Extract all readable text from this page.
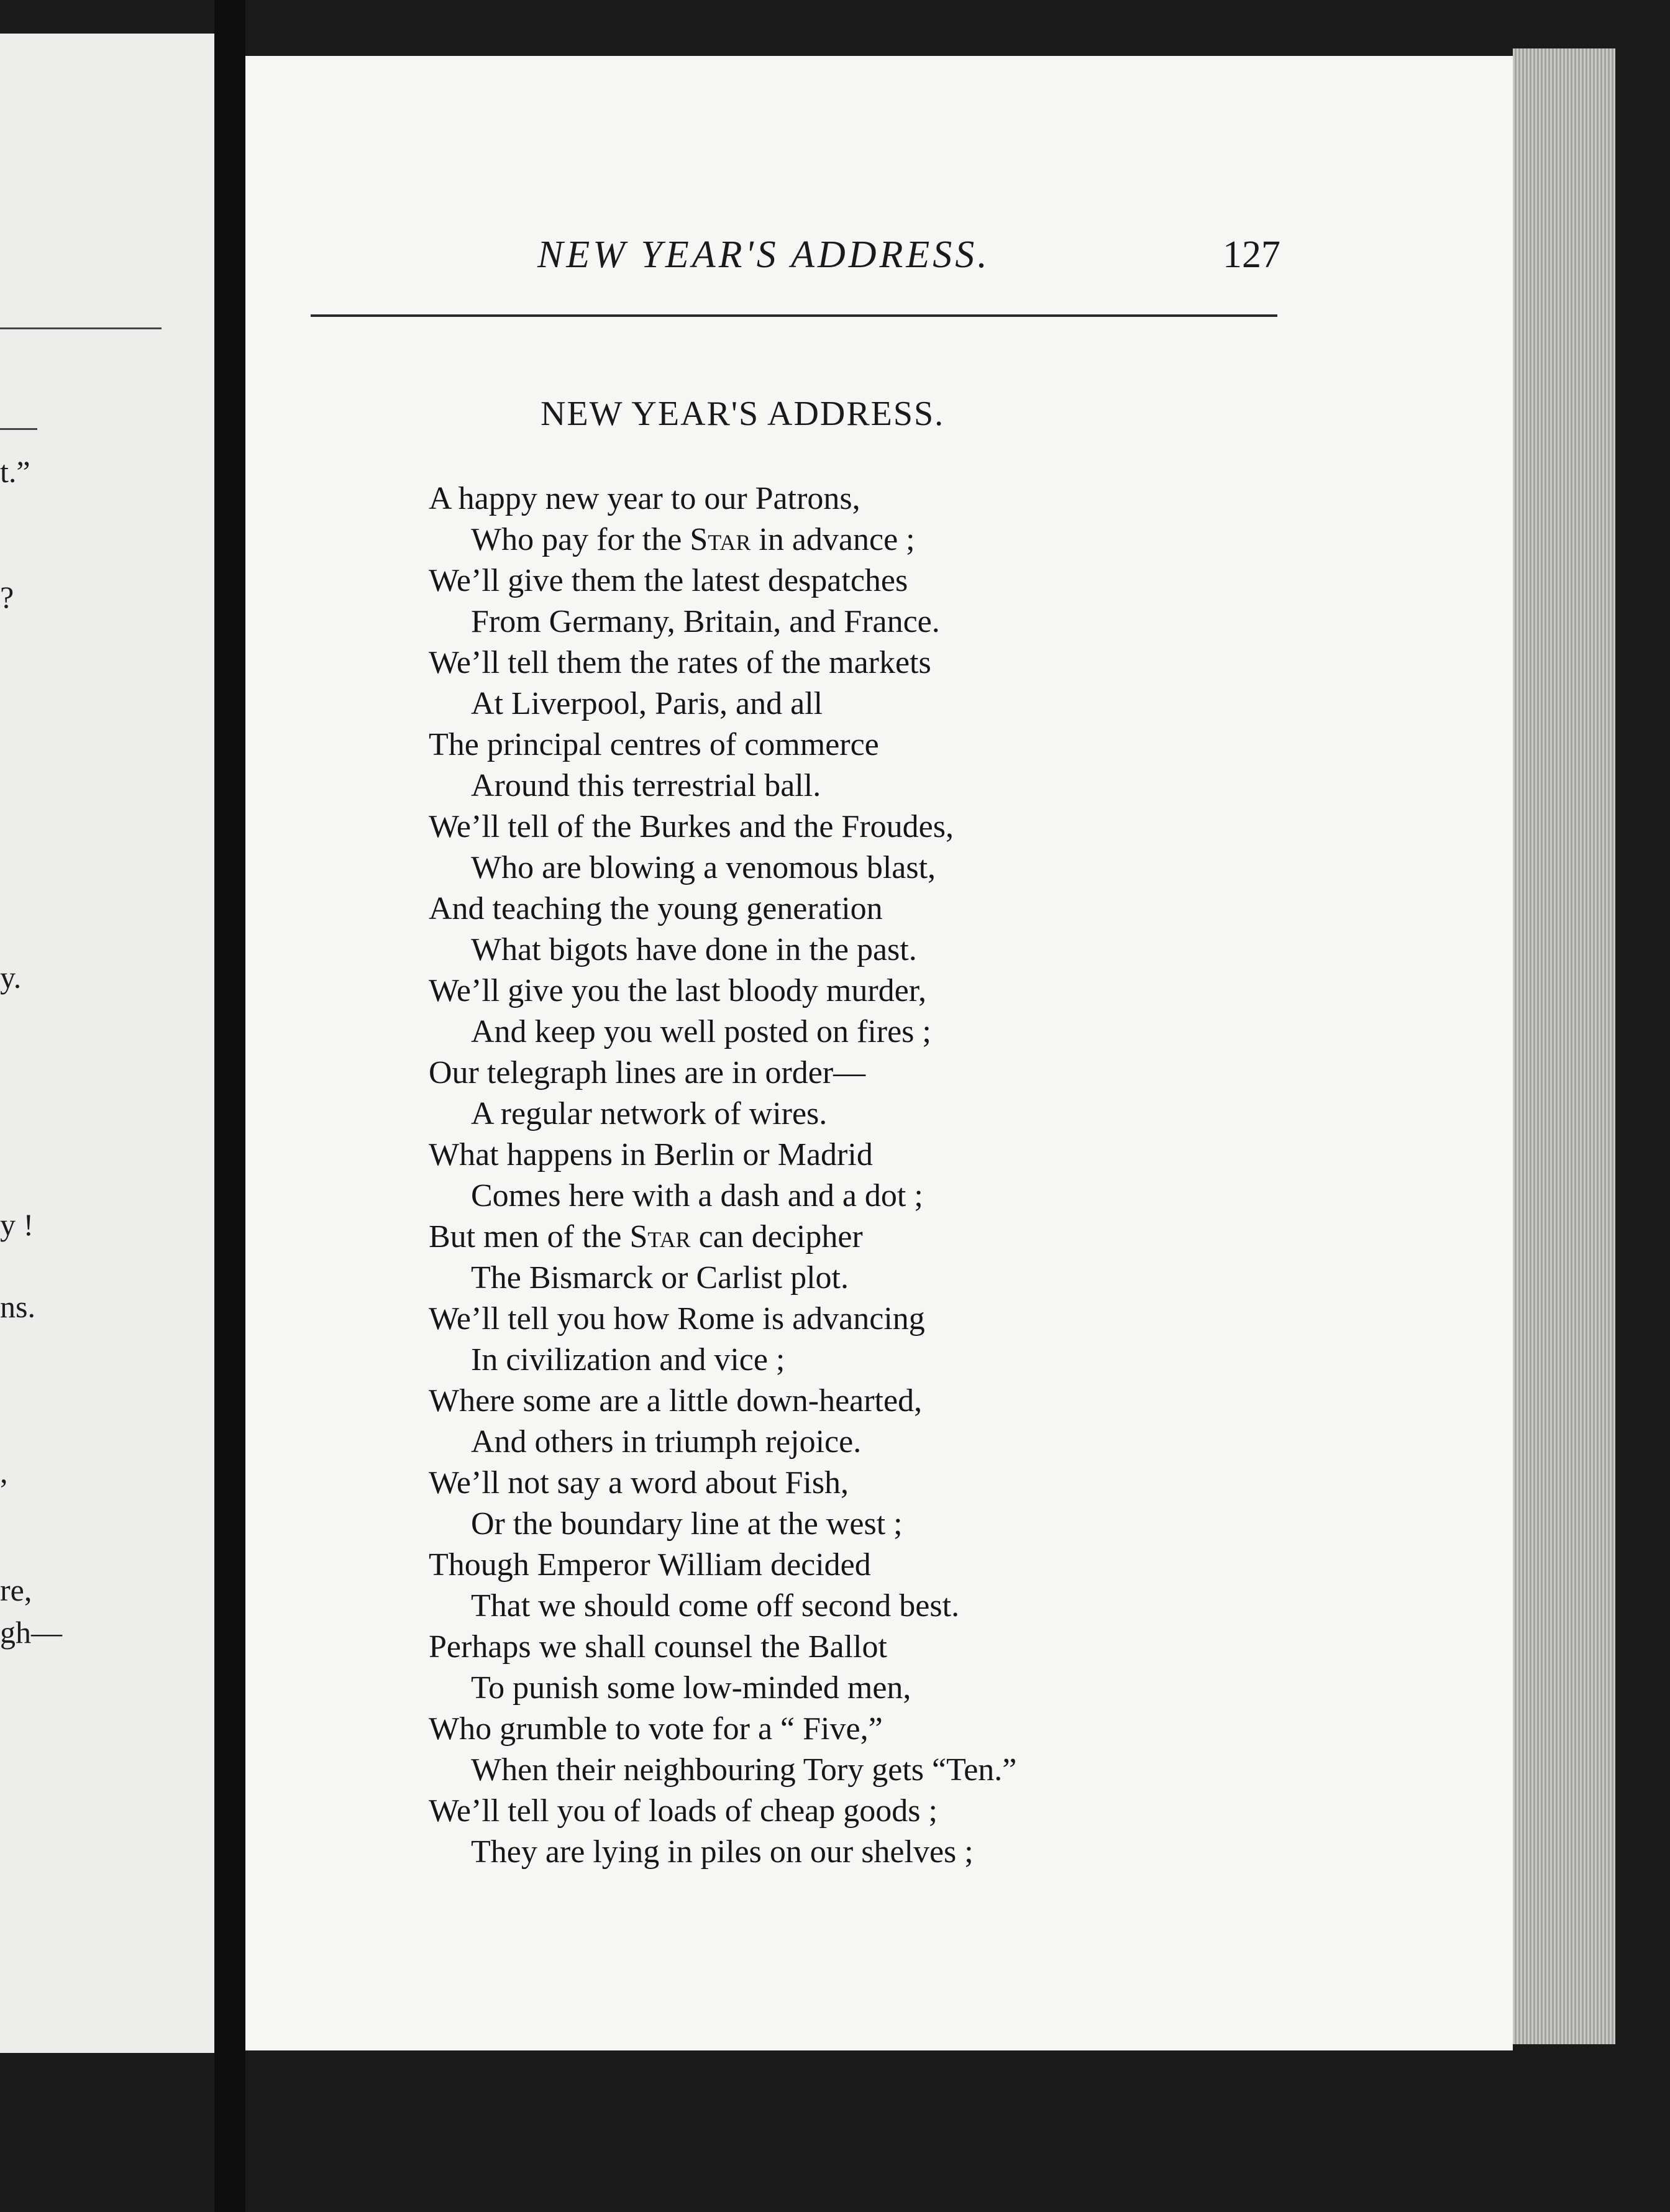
t.”
?
y.
y !
ns.
,
re,
gh—
NEW YEAR'S ADDRESS.	127
NEW YEAR'S ADDRESS.
A happy new year to our Patrons,
Who pay for the Star in advance ;
We’ll give them the latest despatches
From Germany, Britain, and France.
We’ll tell them the rates of the markets
At Liverpool, Paris, and all
The principal centres of commerce
Around this terrestrial ball.
We’ll tell of the Burkes and the Froudes,
Who are blowing a venomous blast,
And teaching the young generation
What bigots have done in the past.
We’ll give you the last bloody murder,
And keep you well posted on fires ;
Our telegraph lines are in order—
A regular network of wires.
What happens in Berlin or Madrid
Comes here with a dash and a dot ;
But men of the Star can decipher
The Bismarck or Carlist plot.
We’ll tell you how Rome is advancing
In civilization and vice ;
Where some are a little down-hearted,
And others in triumph rejoice.
We’ll not say a word about Fish,
Or the boundary line at the west ;
Though Emperor William decided
That we should come off second best.
Perhaps we shall counsel the Ballot
To punish some low-minded men,
Who grumble to vote for a “ Five,”
When their neighbouring Tory gets “Ten.”
We’ll tell you of loads of cheap goods ;
They are lying in piles on our shelves ;
